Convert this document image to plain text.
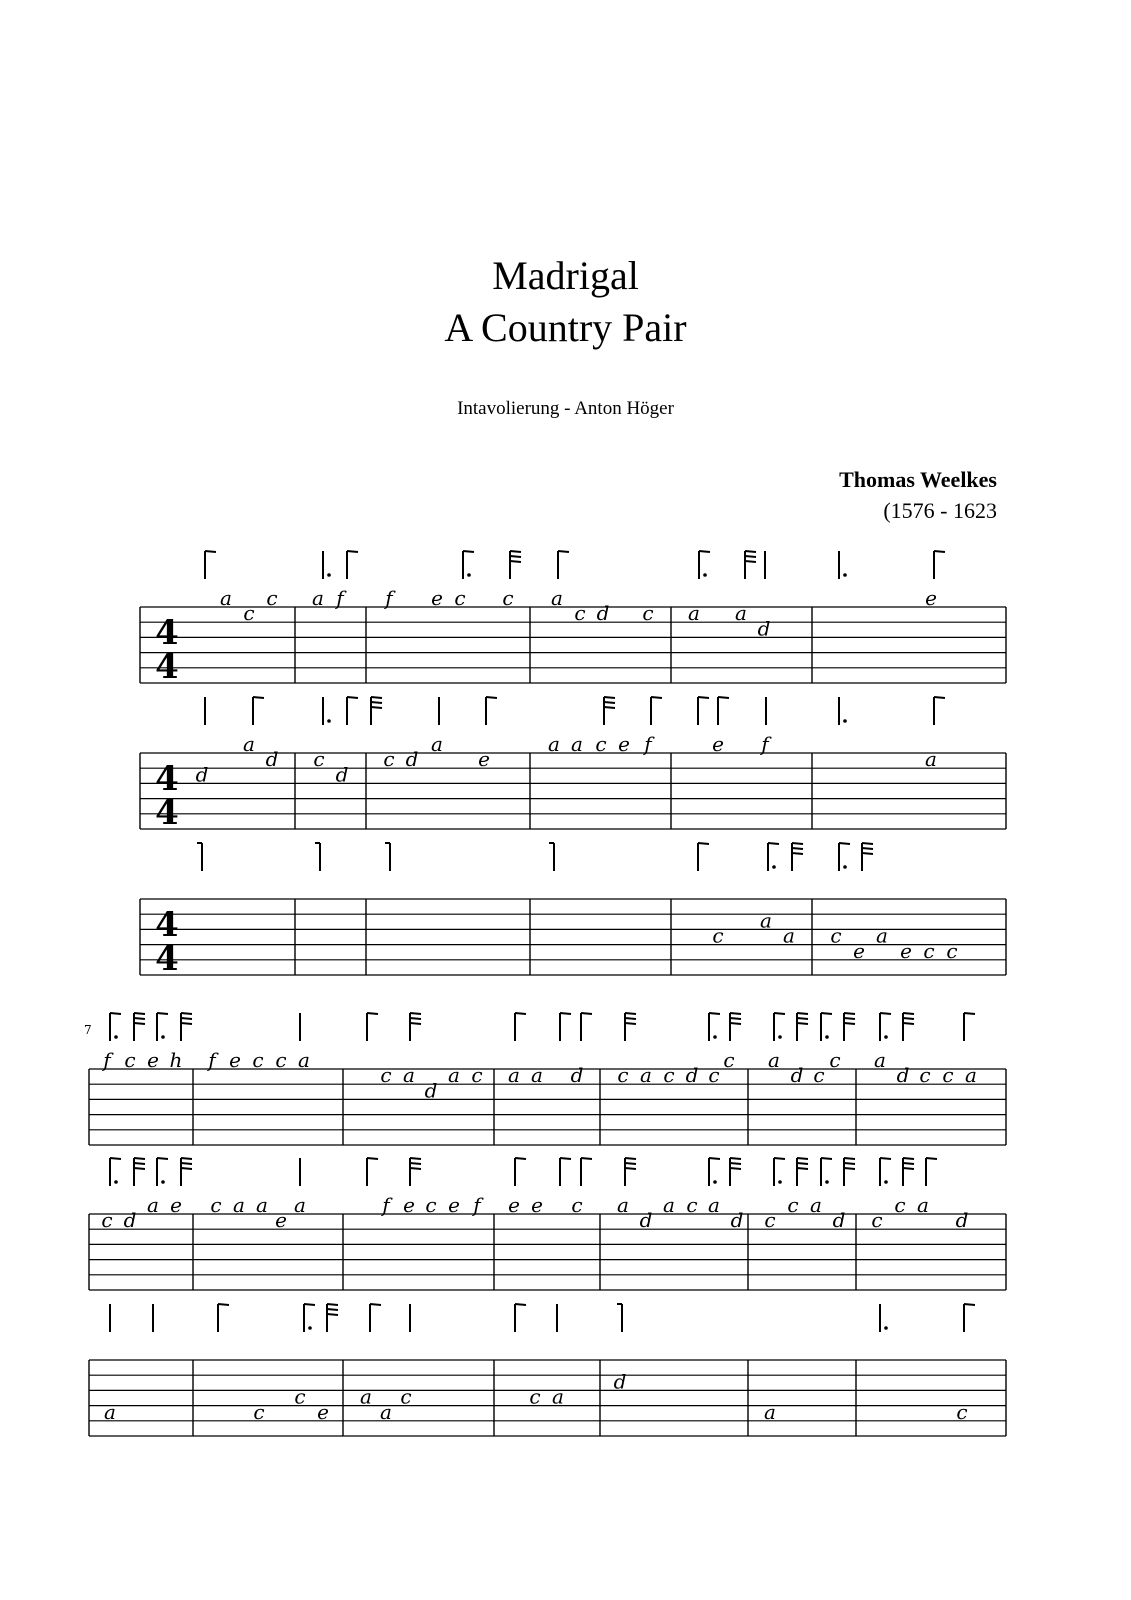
Madrigal
A Country Pair
Intavolierung - Anton Höger
Thomas Weelkes
(1576 - 1623
4
4
a
c
c a f f e c c a
c d c a a
d
e
4
4
d
a
d c
d
c d
a
e
a a c e f	e f
a
4
4
c
a
a c a
e e c c
f c e h f e c c a
c a
d
a c a a d c a c d c
c a
d c
c a
d c c a
c d
a e c a a
e
a	f e c e f e e c a
d
a c a
d c
c a
d c
c a
d
a	c
c
e
a
a
c	c a
d
a	c
7
